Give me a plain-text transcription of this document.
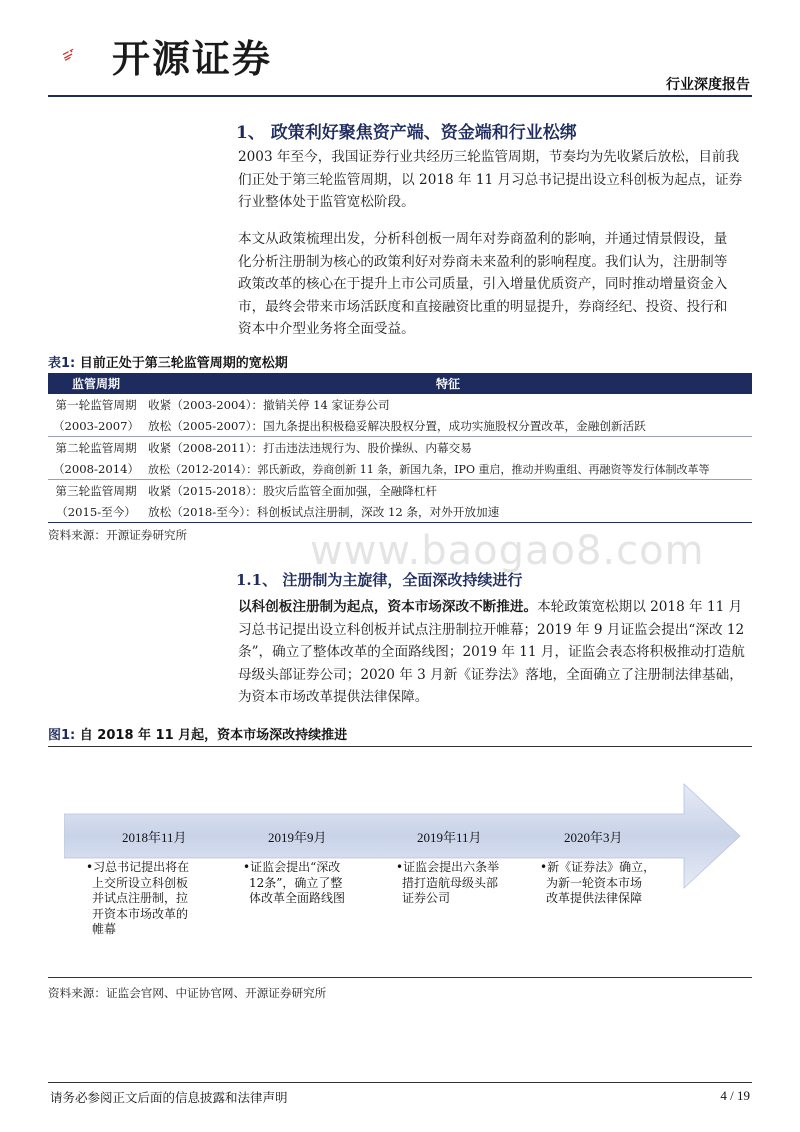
开源证券
行业深度报告
1、 政策利好聚焦资产端、资金端和行业松绑
2003 年至今，我国证券行业共经历三轮监管周期，节奏均为先收紧后放松，目前我
们正处于第三轮监管周期，以 2018 年 11 月习总书记提出设立科创板为起点，证券
行业整体处于监管宽松阶段。
本文从政策梳理出发，分析科创板一周年对券商盈利的影响，并通过情景假设，量
化分析注册制为核心的政策利好对券商未来盈利的影响程度。我们认为，注册制等
政策改革的核心在于提升上市公司质量，引入增量优质资产，同时推动增量资金入
市，最终会带来市场活跃度和直接融资比重的明显提升，券商经纪、投资、投行和
资本中介型业务将全面受益。
表1: 目前正处于第三轮监管周期的宽松期
监管周期	特征
第一轮监管周期	收紧（2003-2004）：撤销关停 14 家证券公司
（2003-2007）	放松（2005-2007）：国九条提出积极稳妥解决股权分置，成功实施股权分置改革，金融创新活跃
第二轮监管周期	收紧（2008-2011）：打击违法违规行为、股价操纵、内幕交易
（2008-2014）	放松（2012-2014）：郭氏新政，券商创新 11 条，新国九条，IPO 重启，推动并购重组、再融资等发行体制改革等
第三轮监管周期	收紧（2015-2018）：股灾后监管全面加强，全融降杠杆
（2015-至今）	放松（2018-至今）：科创板试点注册制，深改 12 条，对外开放加速
资料来源：开源证券研究所	www.baogao8.com
1.1、 注册制为主旋律，全面深改持续进行
以科创板注册制为起点，资本市场深改不断推进。本轮政策宽松期以 2018 年 11 月
习总书记提出设立科创板并试点注册制拉开帷幕；2019 年 9 月证监会提出“深改 12
条”，确立了整体改革的全面路线图；2019 年 11 月，证监会表态将积极推动打造航
母级头部证券公司；2020 年 3 月新《证券法》落地，全面确立了注册制法律基础，
为资本市场改革提供法律保障。
图1: 自 2018 年 11 月起，资本市场深改持续推进
2018年11月	2019年9月	2019年11月	2020年3月
•习总书记提出将在
上交所设立科创板
并试点注册制，拉
开资本市场改革的
帷幕
•证监会提出“深改
12条”，确立了整
体改革全面路线图
•证监会提出六条举
措打造航母级头部
证券公司
•新《证券法》确立，
为新一轮资本市场
改革提供法律保障
资料来源：证监会官网、中证协官网、开源证券研究所
请务必参阅正文后面的信息披露和法律声明	4 / 19
